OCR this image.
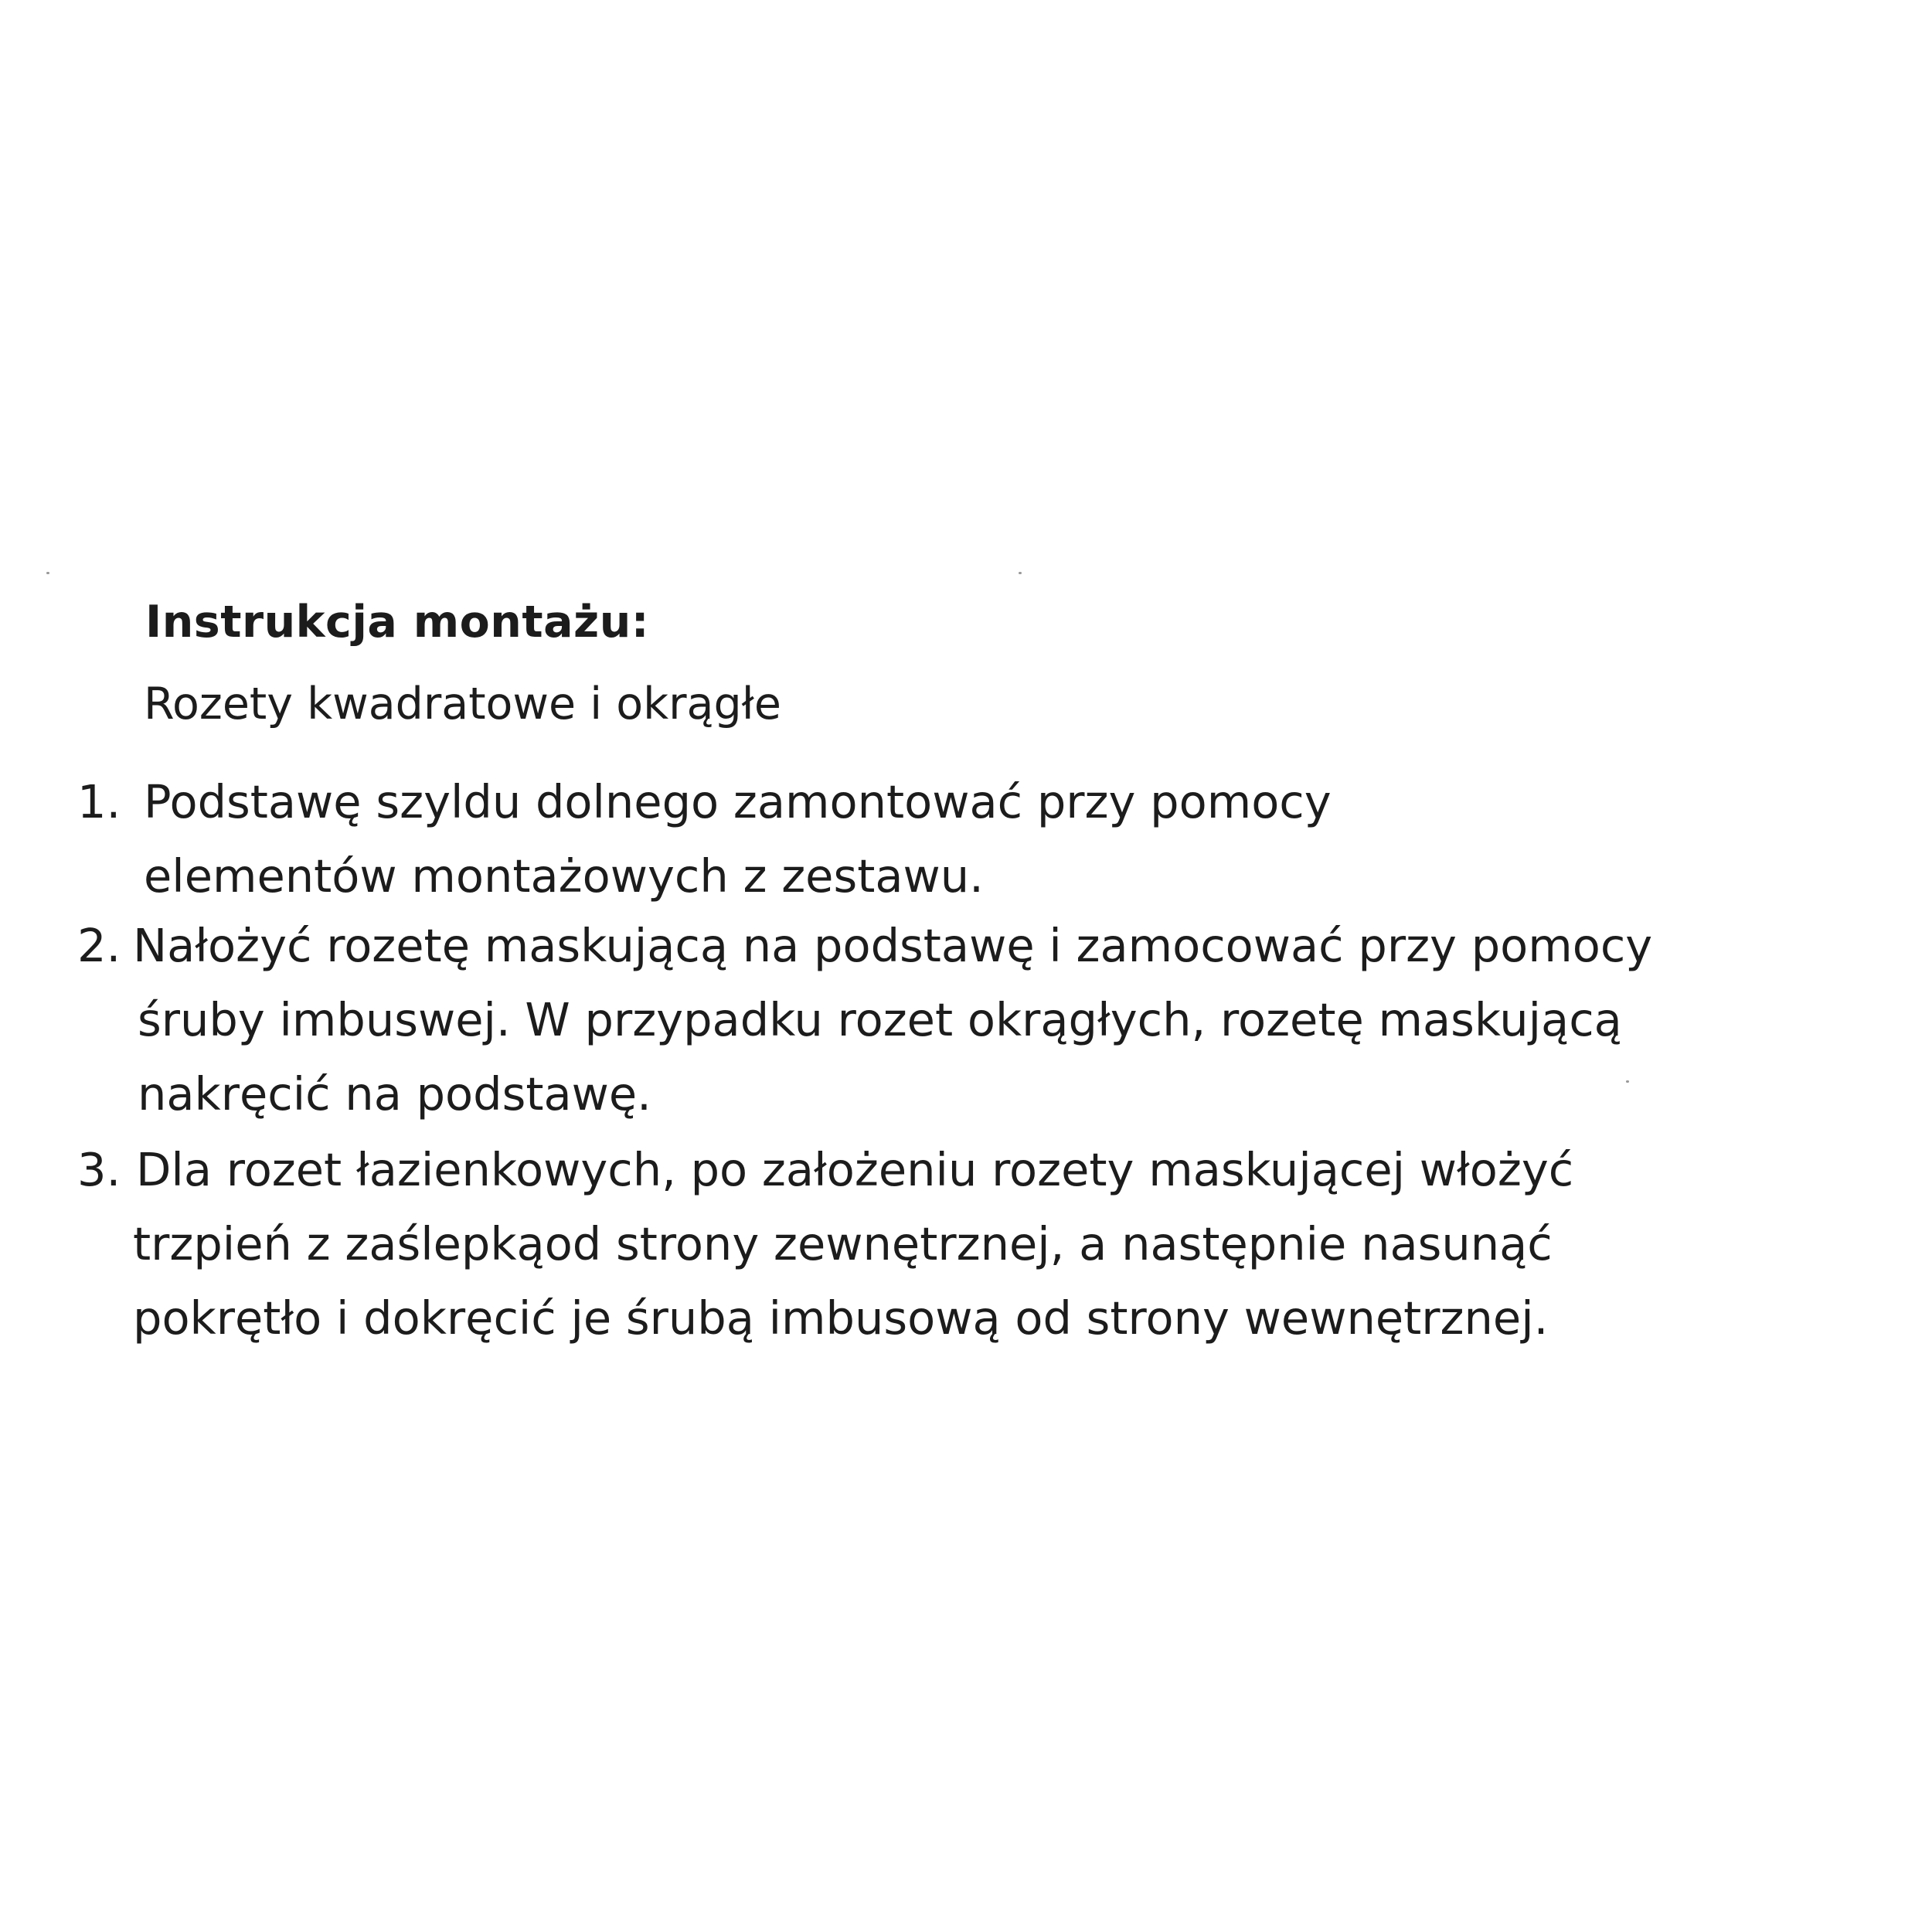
Instrukcja montażu:
Rozety kwadratowe i okrągłe
1. Podstawę szyldu dolnego zamontować przy pomocy
elementów montażowych z zestawu.
2. Nałożyć rozetę maskującą na podstawę i zamocować przy pomocy
śruby imbuswej. W przypadku rozet okrągłych, rozetę maskującą
nakręcić na podstawę.
3. Dla rozet łazienkowych, po założeniu rozety maskującej włożyć
trzpień z zaślepkąod strony zewnętrznej, a następnie nasunąć
pokrętło i dokręcić je śrubą imbusową od strony wewnętrznej.
